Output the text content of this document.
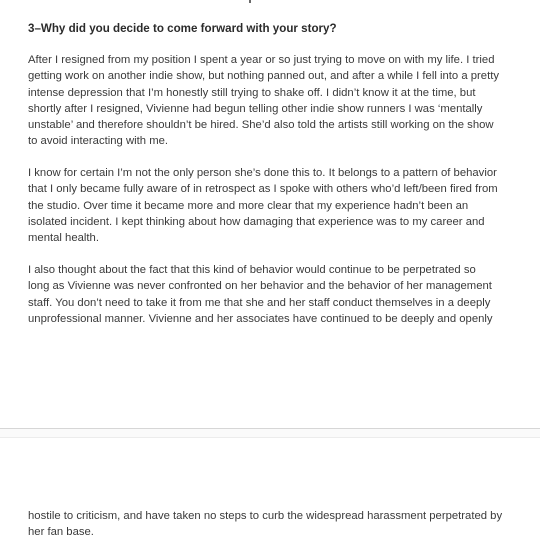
3–Why did you decide to come forward with your story?
After I resigned from my position I spent a year or so just trying to move on with my life. I tried
getting work on another indie show, but nothing panned out, and after a while I fell into a pretty
intense depression that I’m honestly still trying to shake off. I didn’t know it at the time, but
shortly after I resigned, Vivienne had begun telling other indie show runners I was ‘mentally
unstable’ and therefore shouldn’t be hired. She’d also told the artists still working on the show
to avoid interacting with me.
I know for certain I’m not the only person she’s done this to. It belongs to a pattern of behavior
that I only became fully aware of in retrospect as I spoke with others who’d left/been fired from
the studio. Over time it became more and more clear that my experience hadn’t been an
isolated incident. I kept thinking about how damaging that experience was to my career and
mental health.
I also thought about the fact that this kind of behavior would continue to be perpetrated so
long as Vivienne was never confronted on her behavior and the behavior of her management
staff. You don’t need to take it from me that she and her staff conduct themselves in a deeply
unprofessional manner. Vivienne and her associates have continued to be deeply and openly
hostile to criticism, and have taken no steps to curb the widespread harassment perpetrated by
her fan base.
